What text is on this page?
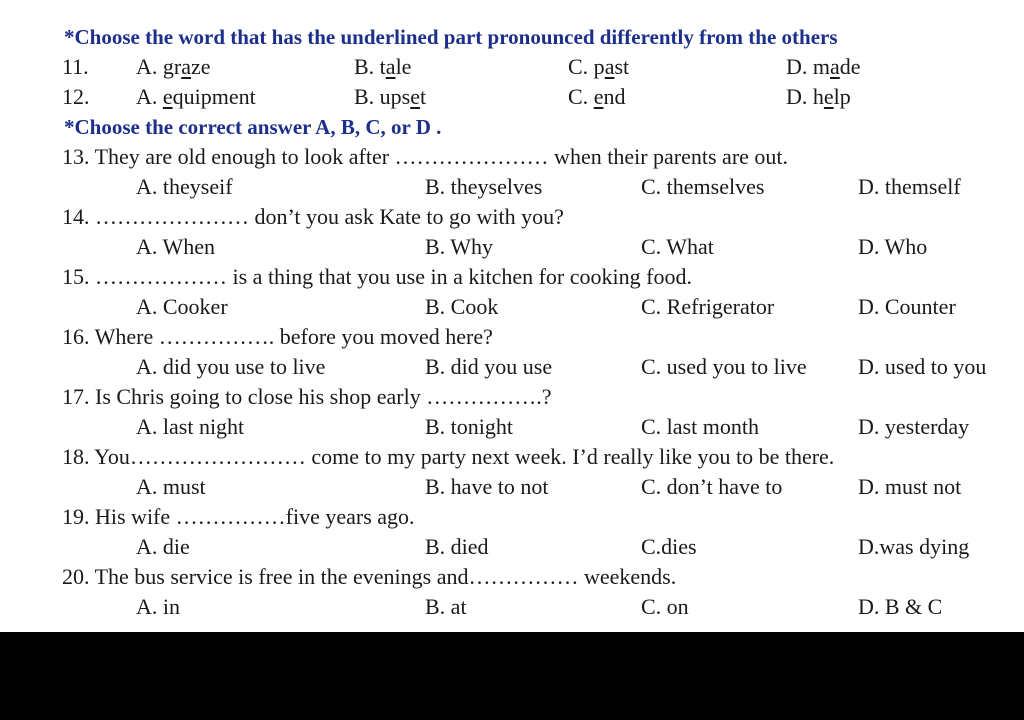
*Choose the word that has the underlined part pronounced differently from the others
11. A. graze	B. tale	C. past	D. made
12. A. equipment	B. upset	C. end	D. help
*Choose the correct answer A, B, C, or D .
13. They are old enough to look after ………………… when their parents are out.
A. theyseif	B. theyselves	C. themselves	D. themself
14. ………………… don’t you ask Kate to go with you?
A. When	B. Why	C. What	D. Who
15. ……………… is a thing that you use in a kitchen for cooking food.
A. Cooker	B. Cook	C. Refrigerator	D. Counter
16. Where ……………. before you moved here?
A. did you use to live	B. did you use	C. used you to live D. used to you
17. Is Chris going to close his shop early …………….?
A. last night	B. tonight	C. last month	D. yesterday
18. You…………………… come to my party next week. I’d really like you to be there.
A. must	B. have to not	C. don’t have to	D. must not
19. His wife ……………five years ago.
A. die	B. died	C.dies	D.was dying
20. The bus service is free in the evenings and…………… weekends.
A. in	B. at	C. on	D. B & C
